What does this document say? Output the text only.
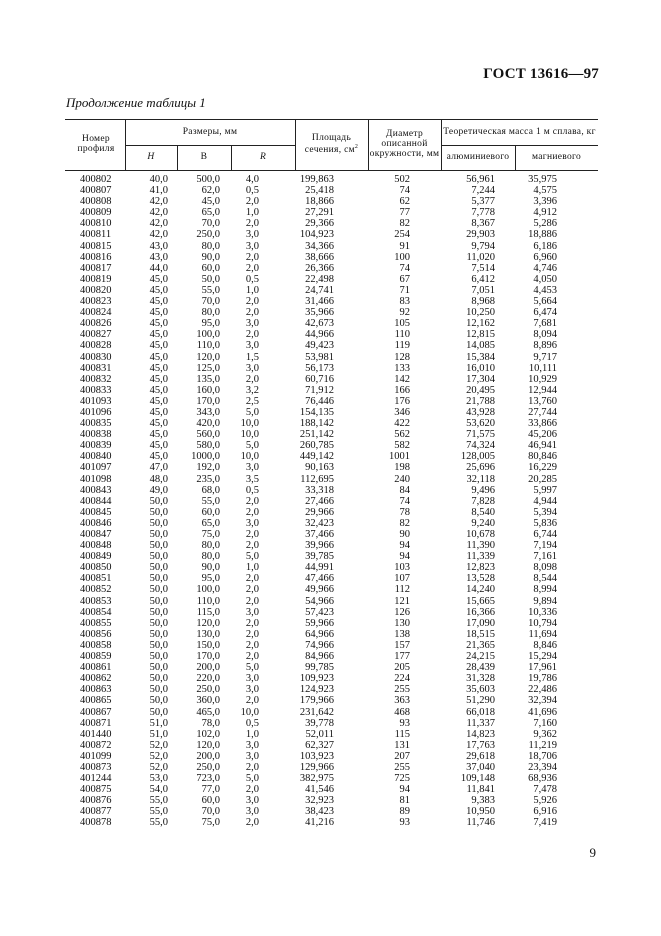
ГОСТ 13616—97
Продолжение таблицы 1
Номер профиля
Размеры, мм
H	B	R
Площадь сечения, $см^2$
Диаметр описанной окружности, мм
Теоретическая масса 1 м сплава, кг
алюминиевого	магниевого
400802	40,0	500,0	4,0	199,863	502	56,961	35,975
400807	41,0	62,0	0,5	25,418	74	7,244	4,575
400808	42,0	45,0	2,0	18,866	62	5,377	3,396
400809	42,0	65,0	1,0	27,291	77	7,778	4,912
400810	42,0	70,0	2,0	29,366	82	8,367	5,286
400811	42,0	250,0	3,0	104,923	254	29,903	18,886
400815	43,0	80,0	3,0	34,366	91	9,794	6,186
400816	43,0	90,0	2,0	38,666	100	11,020	6,960
400817	44,0	60,0	2,0	26,366	74	7,514	4,746
400819	45,0	50,0	0,5	22,498	67	6,412	4,050
400820	45,0	55,0	1,0	24,741	71	7,051	4,453
400823	45,0	70,0	2,0	31,466	83	8,968	5,664
400824	45,0	80,0	2,0	35,966	92	10,250	6,474
400826	45,0	95,0	3,0	42,673	105	12,162	7,681
400827	45,0	100,0	2,0	44,966	110	12,815	8,094
400828	45,0	110,0	3,0	49,423	119	14,085	8,896
400830	45,0	120,0	1,5	53,981	128	15,384	9,717
400831	45,0	125,0	3,0	56,173	133	16,010	10,111
400832	45,0	135,0	2,0	60,716	142	17,304	10,929
400833	45,0	160,0	3,2	71,912	166	20,495	12,944
401093	45,0	170,0	2,5	76,446	176	21,788	13,760
401096	45,0	343,0	5,0	154,135	346	43,928	27,744
400835	45,0	420,0	10,0	188,142	422	53,620	33,866
400838	45,0	560,0	10,0	251,142	562	71,575	45,206
400839	45,0	580,0	5,0	260,785	582	74,324	46,941
400840	45,0	1000,0	10,0	449,142	1001	128,005	80,846
401097	47,0	192,0	3,0	90,163	198	25,696	16,229
401098	48,0	235,0	3,5	112,695	240	32,118	20,285
400843	49,0	68,0	0,5	33,318	84	9,496	5,997
400844	50,0	55,0	2,0	27,466	74	7,828	4,944
400845	50,0	60,0	2,0	29,966	78	8,540	5,394
400846	50,0	65,0	3,0	32,423	82	9,240	5,836
400847	50,0	75,0	2,0	37,466	90	10,678	6,744
400848	50,0	80,0	2,0	39,966	94	11,390	7,194
400849	50,0	80,0	5,0	39,785	94	11,339	7,161
400850	50,0	90,0	1,0	44,991	103	12,823	8,098
400851	50,0	95,0	2,0	47,466	107	13,528	8,544
400852	50,0	100,0	2,0	49,966	112	14,240	8,994
400853	50,0	110,0	2,0	54,966	121	15,665	9,894
400854	50,0	115,0	3,0	57,423	126	16,366	10,336
400855	50,0	120,0	2,0	59,966	130	17,090	10,794
400856	50,0	130,0	2,0	64,966	138	18,515	11,694
400858	50,0	150,0	2,0	74,966	157	21,365	8,846
400859	50,0	170,0	2,0	84,966	177	24,215	15,294
400861	50,0	200,0	5,0	99,785	205	28,439	17,961
400862	50,0	220,0	3,0	109,923	224	31,328	19,786
400863	50,0	250,0	3,0	124,923	255	35,603	22,486
400865	50,0	360,0	2,0	179,966	363	51,290	32,394
400867	50,0	465,0	10,0	231,642	468	66,018	41,696
400871	51,0	78,0	0,5	39,778	93	11,337	7,160
401440	51,0	102,0	1,0	52,011	115	14,823	9,362
400872	52,0	120,0	3,0	62,327	131	17,763	11,219
401099	52,0	200,0	3,0	103,923	207	29,618	18,706
400873	52,0	250,0	2,0	129,966	255	37,040	23,394
401244	53,0	723,0	5,0	382,975	725	109,148	68,936
400875	54,0	77,0	2,0	41,546	94	11,841	7,478
400876	55,0	60,0	3,0	32,923	81	9,383	5,926
400877	55,0	70,0	3,0	38,423	89	10,950	6,916
400878	55,0	75,0	2,0	41,216	93	11,746	7,419
9
